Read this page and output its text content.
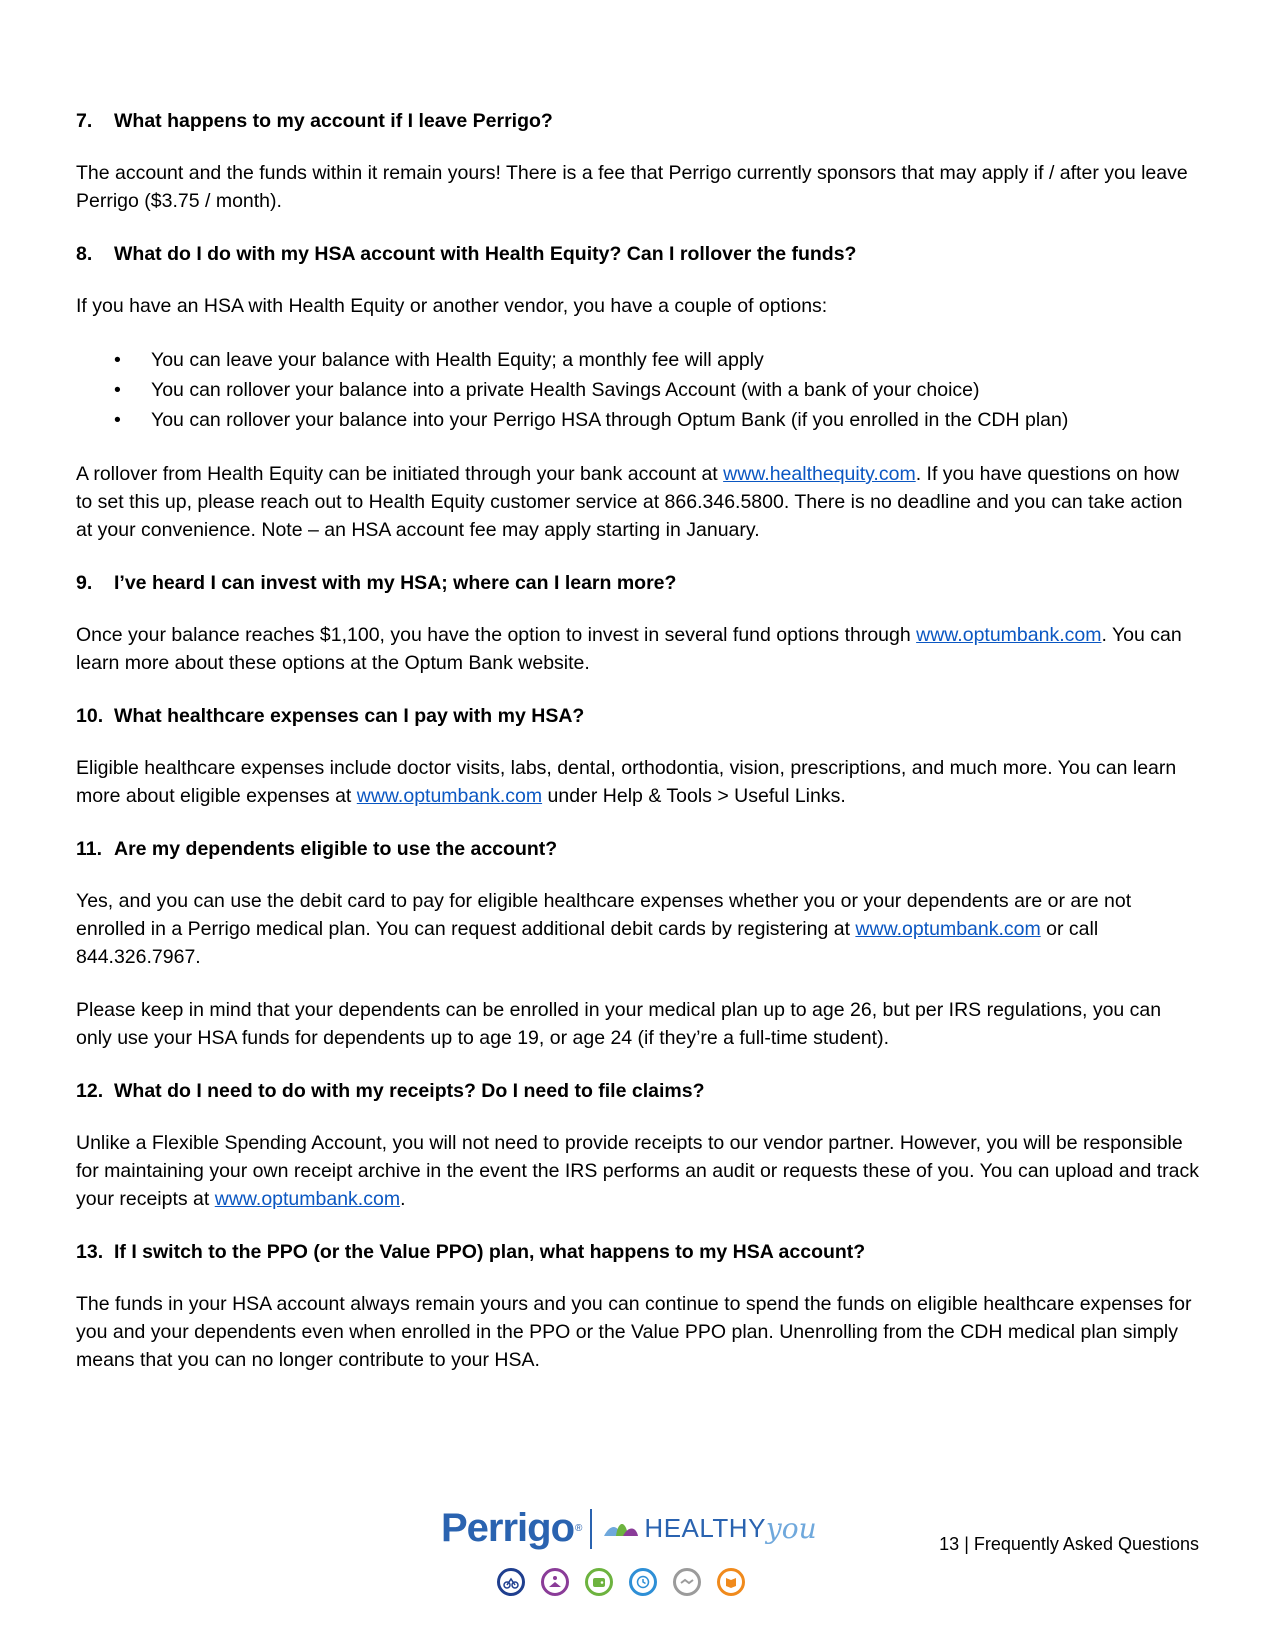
7.	What happens to my account if I leave Perrigo?
The account and the funds within it remain yours! There is a fee that Perrigo currently sponsors that may apply if / after you leave Perrigo ($3.75 / month).
8.	What do I do with my HSA account with Health Equity? Can I rollover the funds?
If you have an HSA with Health Equity or another vendor, you have a couple of options:
• You can leave your balance with Health Equity; a monthly fee will apply
• You can rollover your balance into a private Health Savings Account (with a bank of your choice)
• You can rollover your balance into your Perrigo HSA through Optum Bank (if you enrolled in the CDH plan)
A rollover from Health Equity can be initiated through your bank account at www.healthequity.com. If you have questions on how to set this up, please reach out to Health Equity customer service at 866.346.5800. There is no deadline and you can take action at your convenience. Note – an HSA account fee may apply starting in January.
9.	I’ve heard I can invest with my HSA; where can I learn more?
Once your balance reaches $1,100, you have the option to invest in several fund options through www.optumbank.com. You can learn more about these options at the Optum Bank website.
10. What healthcare expenses can I pay with my HSA?
Eligible healthcare expenses include doctor visits, labs, dental, orthodontia, vision, prescriptions, and much more. You can learn more about eligible expenses at www.optumbank.com under Help & Tools > Useful Links.
11. Are my dependents eligible to use the account?
Yes, and you can use the debit card to pay for eligible healthcare expenses whether you or your dependents are or are not enrolled in a Perrigo medical plan. You can request additional debit cards by registering at www.optumbank.com or call 844.326.7967.
Please keep in mind that your dependents can be enrolled in your medical plan up to age 26, but per IRS regulations, you can only use your HSA funds for dependents up to age 19, or age 24 (if they’re a full-time student).
12. What do I need to do with my receipts? Do I need to file claims?
Unlike a Flexible Spending Account, you will not need to provide receipts to our vendor partner. However, you will be responsible for maintaining your own receipt archive in the event the IRS performs an audit or requests these of you. You can upload and track your receipts at www.optumbank.com.
13. If I switch to the PPO (or the Value PPO) plan, what happens to my HSA account?
The funds in your HSA account always remain yours and you can continue to spend the funds on eligible healthcare expenses for you and your dependents even when enrolled in the PPO or the Value PPO plan. Unenrolling from the CDH medical plan simply means that you can no longer contribute to your HSA.
Perrigo ® HEALTHY you	13 | Frequently Asked Questions
